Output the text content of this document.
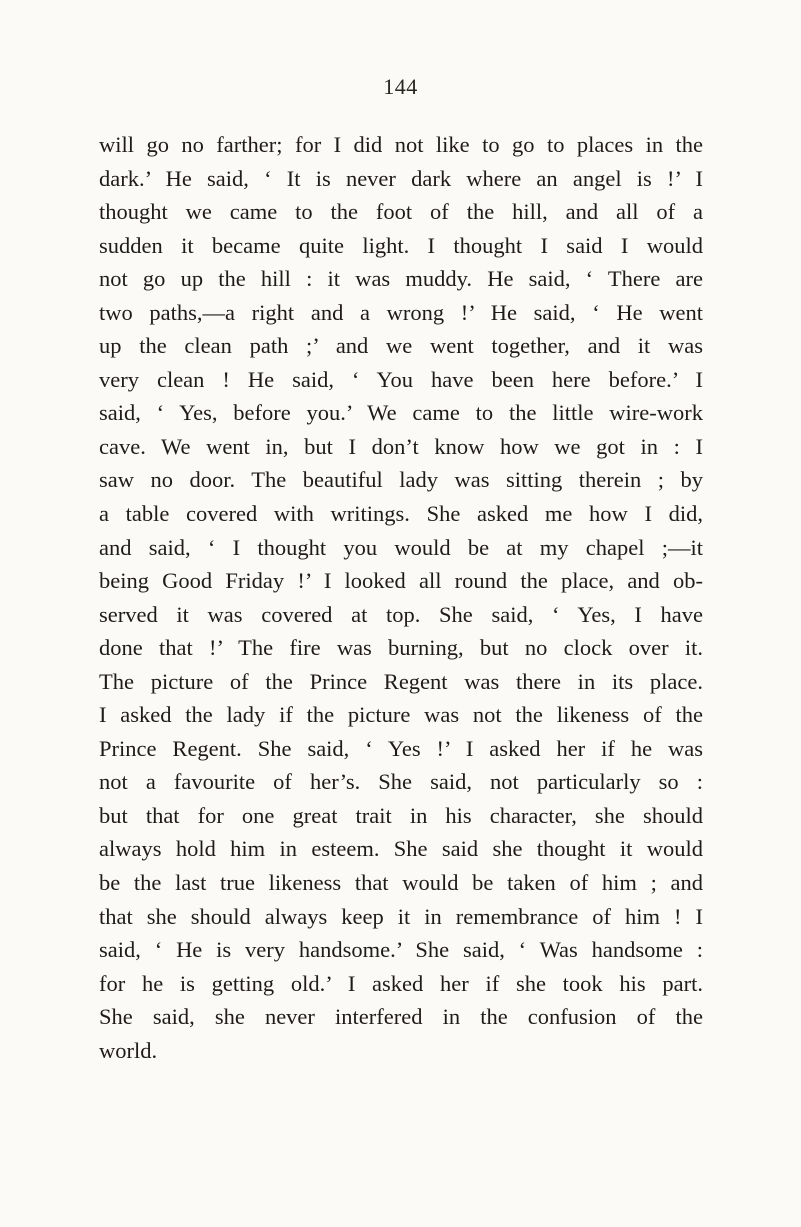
144
will go no farther; for I did not like to go to places in the
dark.’ He said, ‘ It is never dark where an angel is !’ I
thought we came to the foot of the hill, and all of a
sudden it became quite light. I thought I said I would
not go up the hill : it was muddy. He said, ‘ There are
two paths,—a right and a wrong !’ He said, ‘ He went
up the clean path ;’ and we went together, and it was
very clean ! He said, ‘ You have been here before.’ I
said, ‘ Yes, before you.’ We came to the little wire-work
cave. We went in, but I don’t know how we got in : I
saw no door. The beautiful lady was sitting therein ; by
a table covered with writings. She asked me how I did,
and said, ‘ I thought you would be at my chapel ;—it
being Good Friday !’ I looked all round the place, and ob-
served it was covered at top. She said, ‘ Yes, I have
done that !’ The fire was burning, but no clock over it.
The picture of the Prince Regent was there in its place.
I asked the lady if the picture was not the likeness of the
Prince Regent. She said, ‘ Yes !’ I asked her if he was
not a favourite of her’s. She said, not particularly so :
but that for one great trait in his character, she should
always hold him in esteem. She said she thought it would
be the last true likeness that would be taken of him ; and
that she should always keep it in remembrance of him ! I
said, ‘ He is very handsome.’ She said, ‘ Was handsome :
for he is getting old.’ I asked her if she took his part.
She said, she never interfered in the confusion of the
world.
